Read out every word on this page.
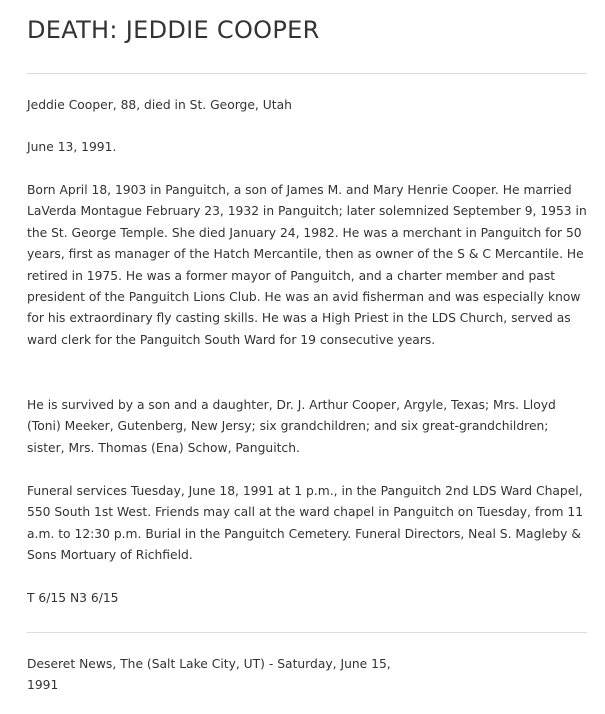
DEATH: JEDDIE COOPER

Jeddie Cooper, 88, died in St. George, Utah

June 13, 1991.

Born April 18, 1903 in Panguitch, a son of James M. and Mary Henrie Cooper. He married LaVerda Montague February 23, 1932 in Panguitch; later solemnized September 9, 1953 in the St. George Temple. She died January 24, 1982. He was a merchant in Panguitch for 50 years, first as manager of the Hatch Mercantile, then as owner of the S & C Mercantile. He retired in 1975. He was a former mayor of Panguitch, and a charter member and past president of the Panguitch Lions Club. He was an avid fisherman and was especially know for his extraordinary fly casting skills. He was a High Priest in the LDS Church, served as ward clerk for the Panguitch South Ward for 19 consecutive years.

He is survived by a son and a daughter, Dr. J. Arthur Cooper, Argyle, Texas; Mrs. Lloyd (Toni) Meeker, Gutenberg, New Jersy; six grandchildren; and six great-grandchildren; sister, Mrs. Thomas (Ena) Schow, Panguitch.

Funeral services Tuesday, June 18, 1991 at 1 p.m., in the Panguitch 2nd LDS Ward Chapel, 550 South 1st West. Friends may call at the ward chapel in Panguitch on Tuesday, from 11 a.m. to 12:30 p.m. Burial in the Panguitch Cemetery. Funeral Directors, Neal S. Magleby & Sons Mortuary of Richfield.

T 6/15 N3 6/15

Deseret News, The (Salt Lake City, UT) - Saturday, June 15, 1991
